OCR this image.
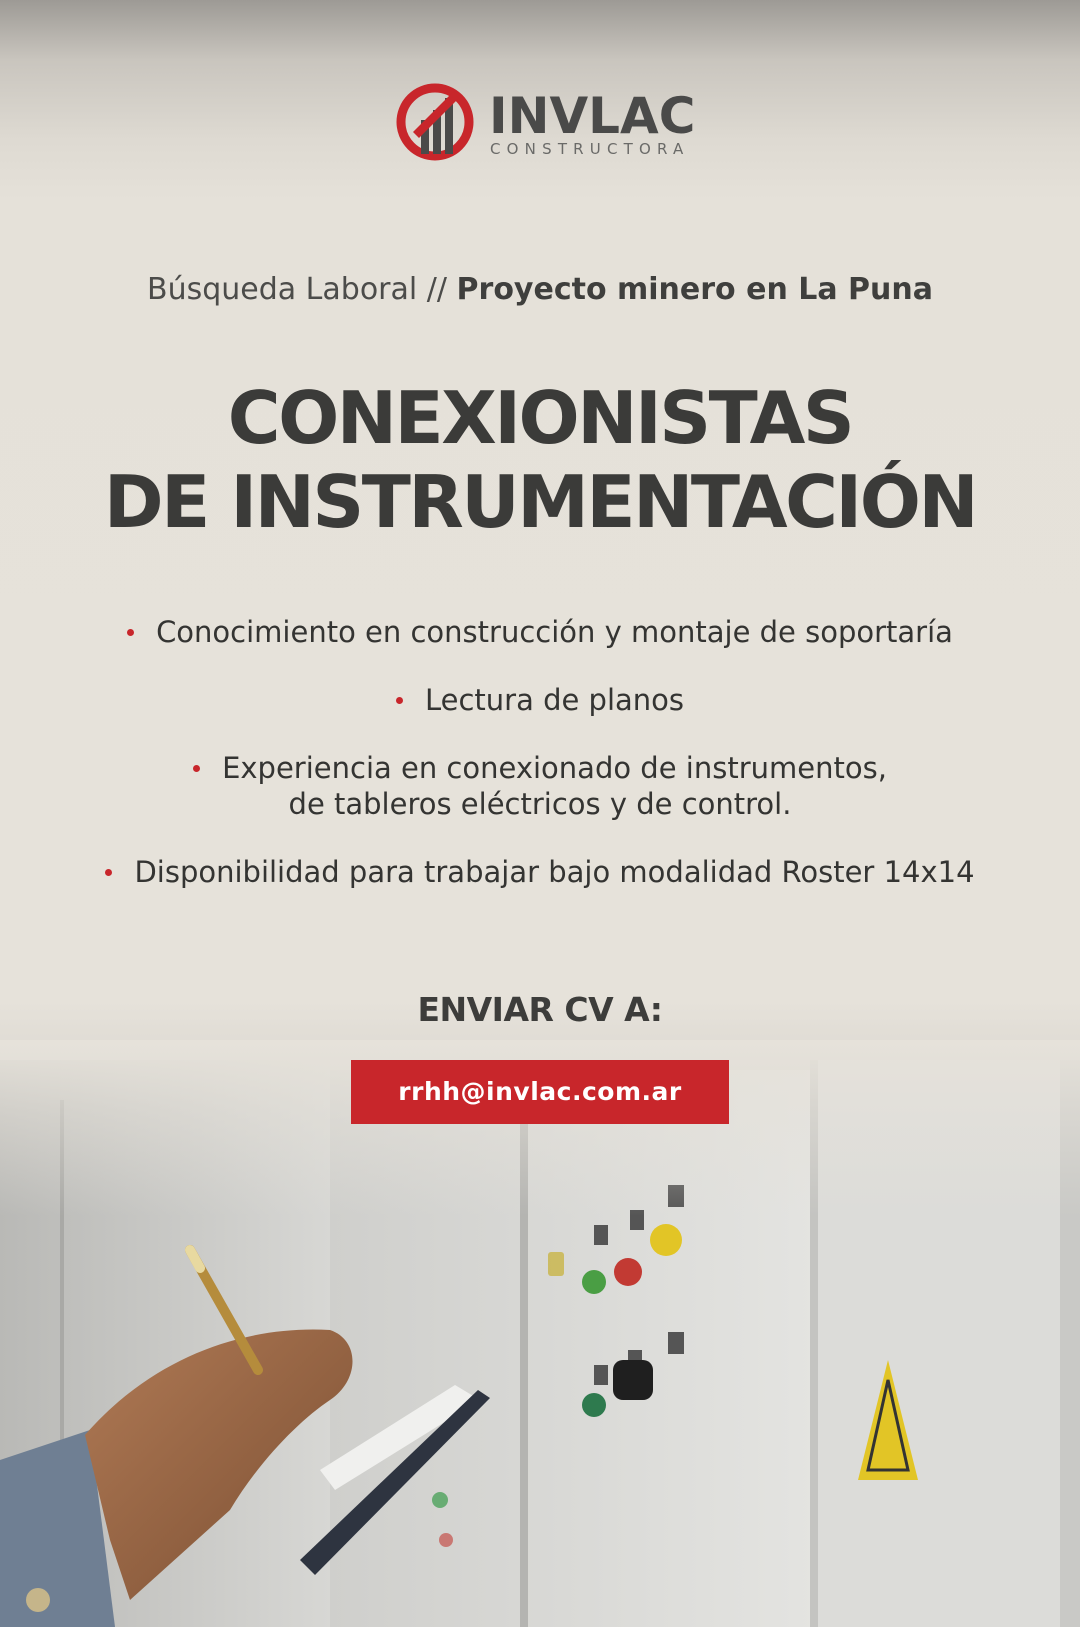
INVLAC
CONSTRUCTORA
Búsqueda Laboral // Proyecto minero en La Puna
CONEXIONISTAS
DE INSTRUMENTACIÓN
Conocimiento en construcción y montaje de soportaría
Lectura de planos
Experiencia en conexionado de instrumentos,
de tableros eléctricos y de control.
Disponibilidad para trabajar bajo modalidad Roster 14x14
ENVIAR CV A:
rrhh@invlac.com.ar
